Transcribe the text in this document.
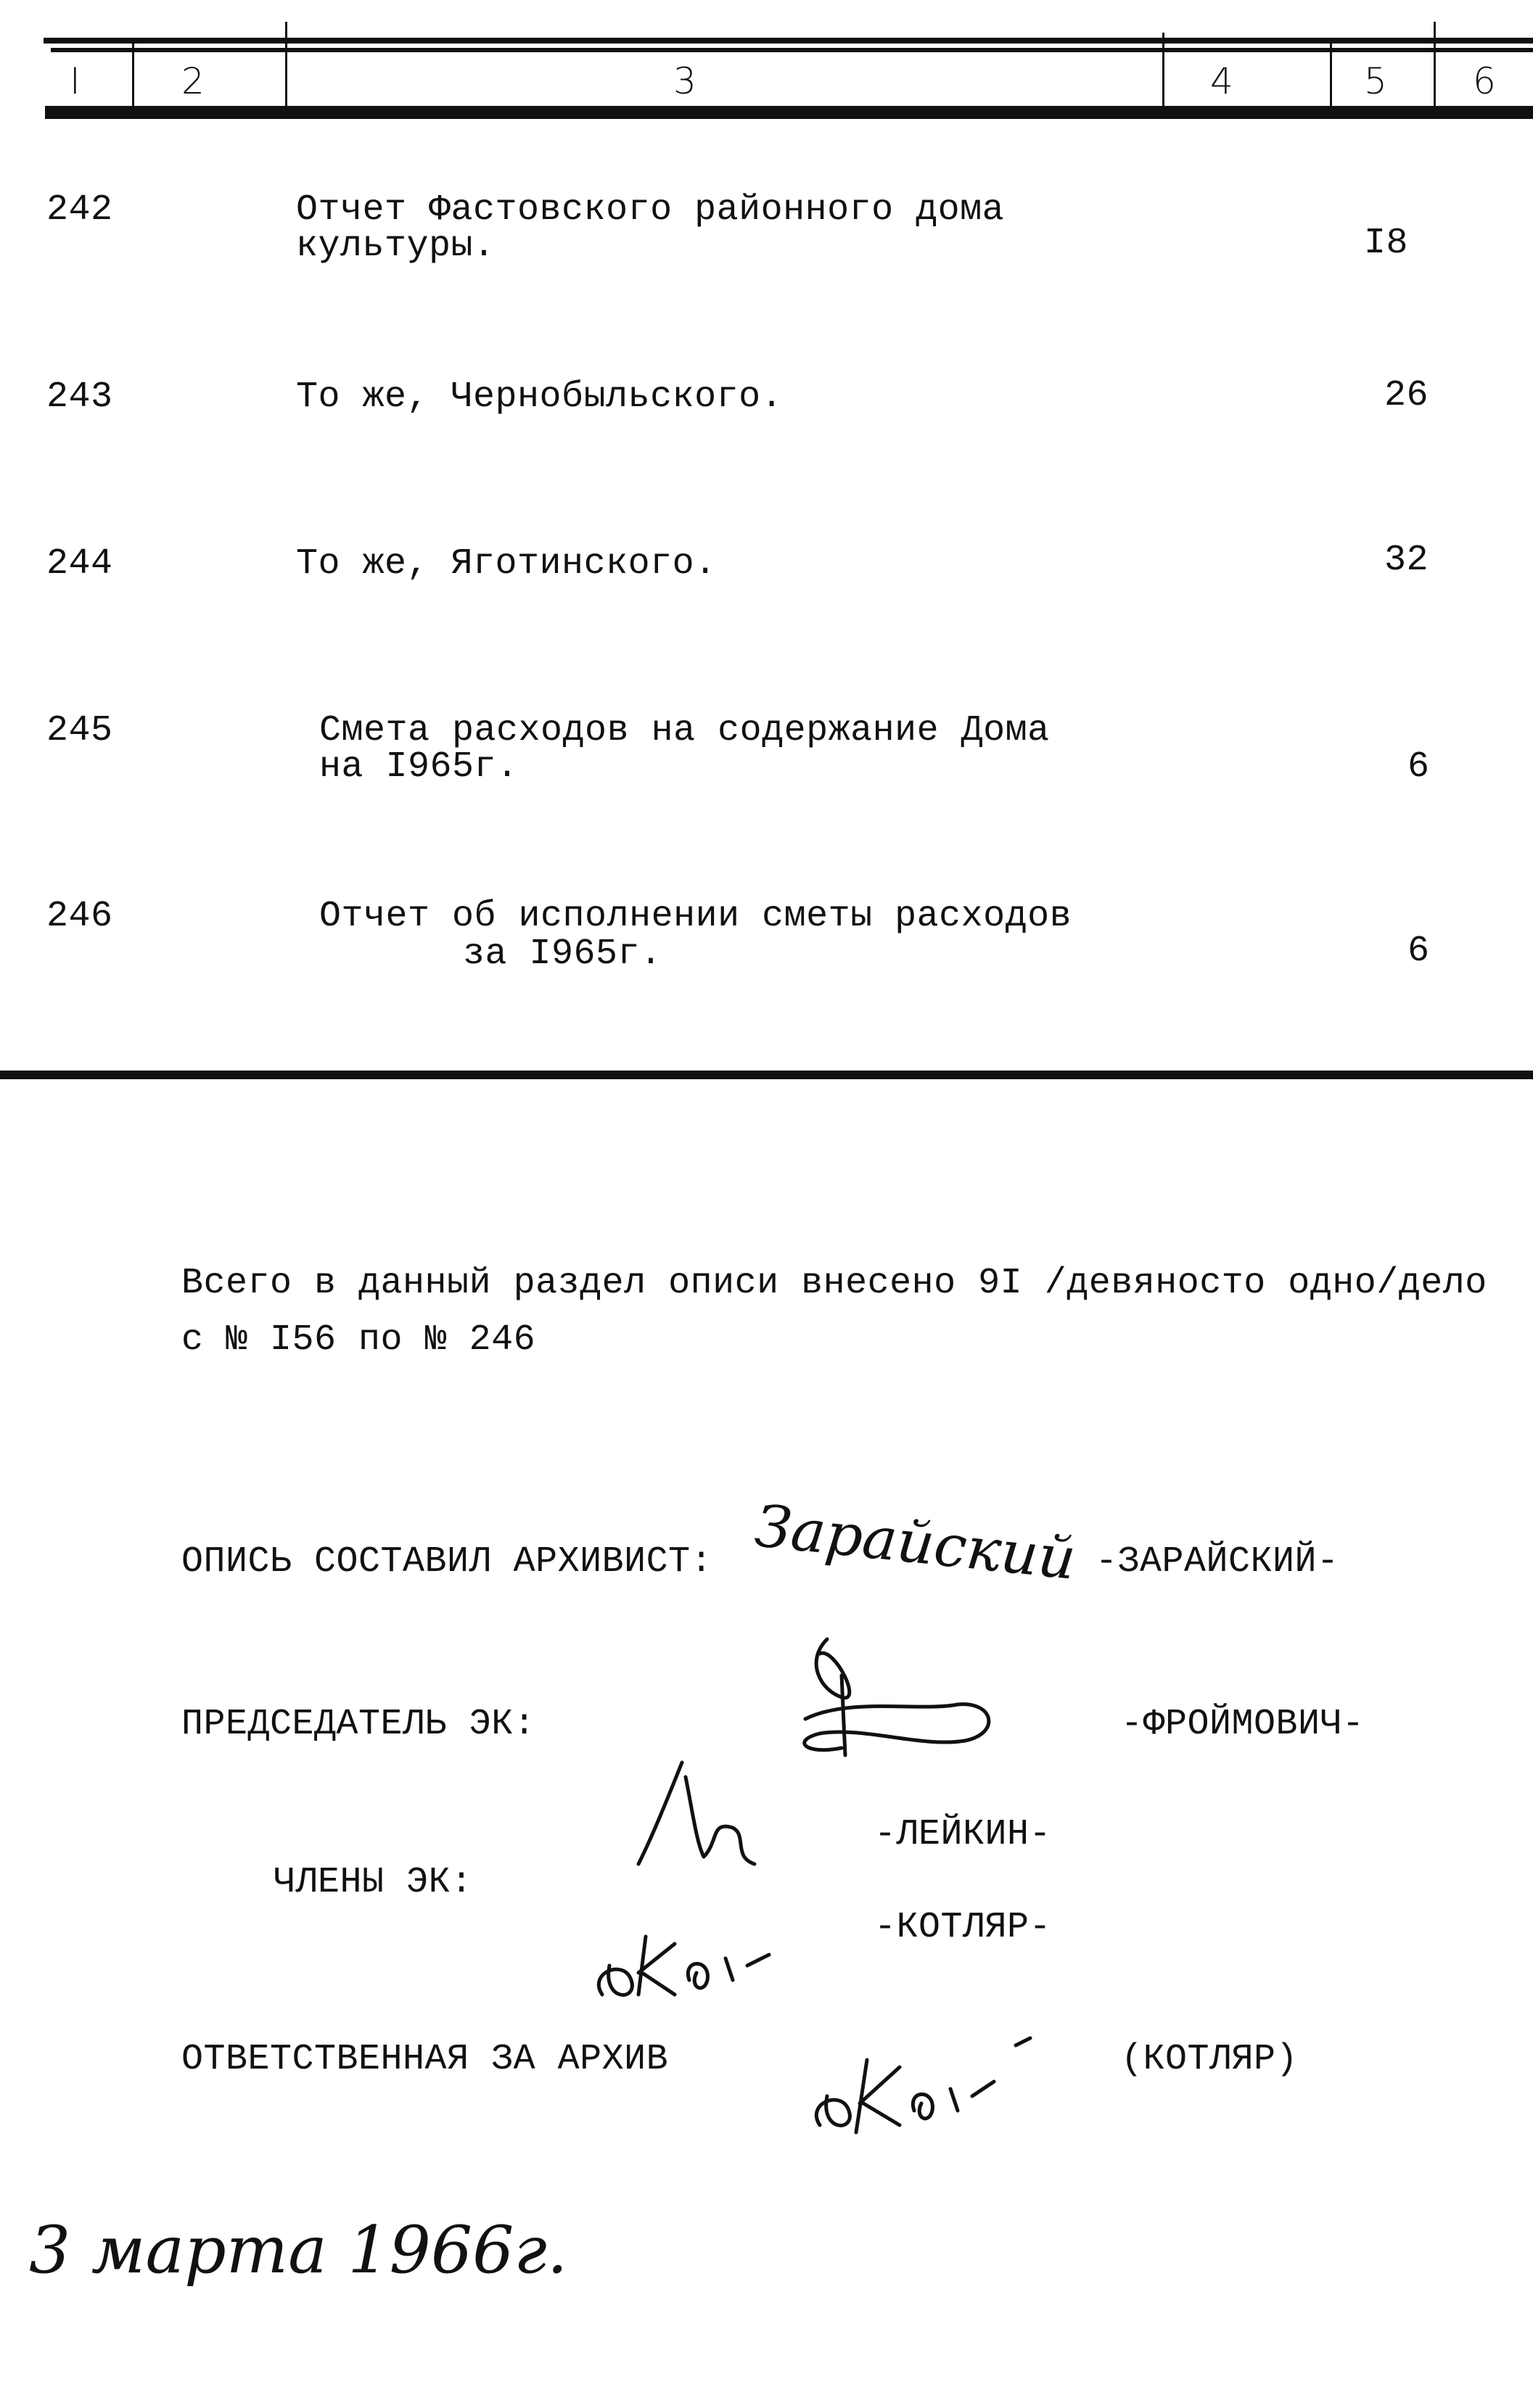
I	2	3	4	5 6
242	Отчет Фастовского районного дома
культуры.	I8
243	То же, Чернобыльского.	26
244	То же, Яготинского.	32
245	Смета расходов на содержание Дома
на I965г.	6
246	Отчет об исполнении сметы расходов
за I965г.	6
Всего в данный раздел описи внесено 9I /девяносто одно/дело
с № I56 по № 246
ОПИСЬ СОСТАВИЛ АРХИВИСТ: Зарайский -ЗАРАЙСКИЙ-
ПРЕДСЕДАТЕЛЬ ЭК:	-ФРОЙМОВИЧ-
-ЛЕЙКИН-
ЧЛЕНЫ ЭК:
-КОТЛЯР-
ОТВЕТСТВЕННАЯ ЗА АРХИВ	(КОТЛЯР)
3 марта 1966г.
